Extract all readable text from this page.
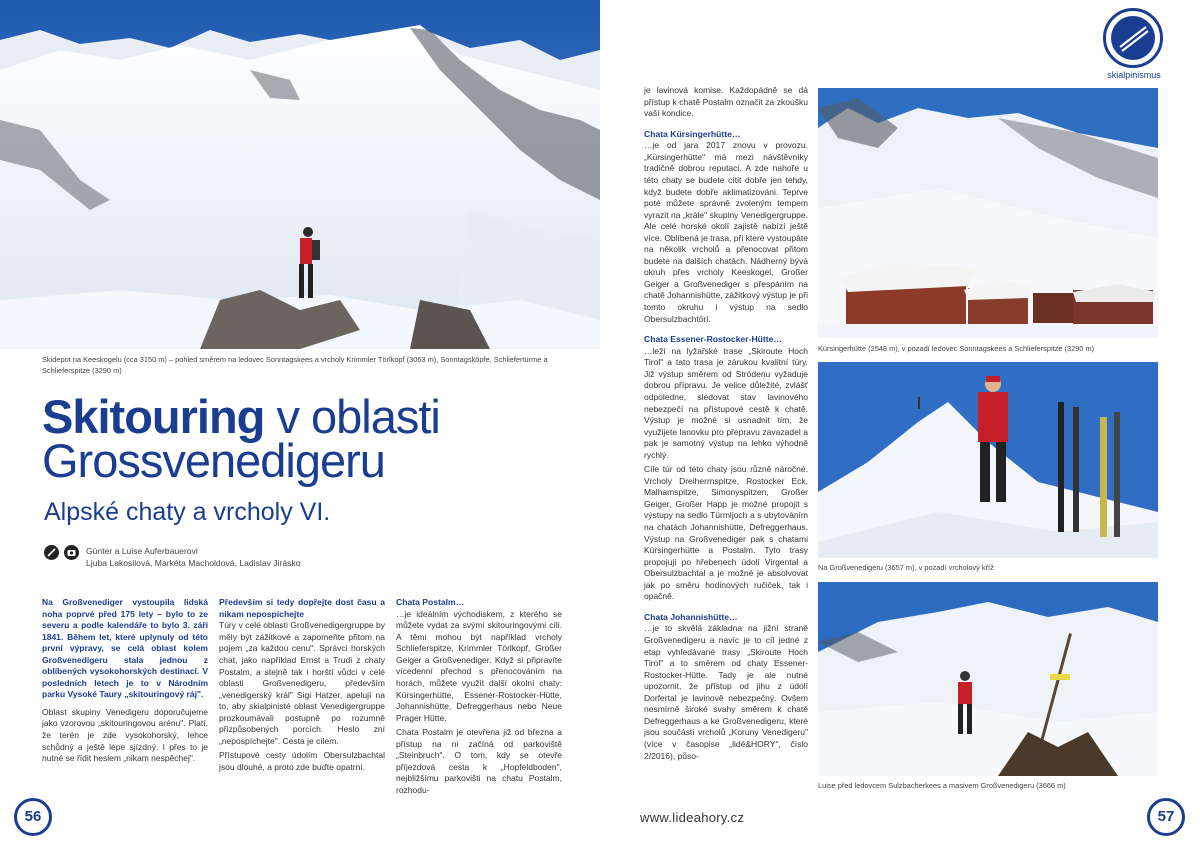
Skidepot na Keeskogelu (cca 3150 m) – pohled směrem na ledovec Sonntagskees a vrcholy Krimmler Törlkopf (3063 m), Sonntagsköpfe, Schliefertürme a Schlieferspitze (3290 m)
Skitouring v oblasti
Grossvenedigeru
Alpské chaty a vrcholy VI.
Günter a Luise Auferbauerovi
Ljuba Lakosilová, Markéta Macholdová, Ladislav Jirásko

Na Großvenediger vystoupila lidská noha poprvé před 175 lety – bylo to ze severu a podle kalendáře to bylo 3. září 1841. Během let, které uplynuly od této první výpravy, se celá oblast kolem Großvenedigeru stala jednou z oblíbených vysokohorských destinací. V posledních letech je to v Národním parku Vysoké Taury „skitouringový ráj".

Oblast skupiny Venedigeru doporučujeme jako vzorovou „skitouringovou arénu". Platí, že terén je zde vysokohorský, lehce schůdný a ještě lépe sjízdný. I přes to je nutné se řídit heslem „nikam nespěchej".

Především si tedy dopřejte dost času a nikam nepospíchejte

Túry v celé oblasti Großvenedigergruppe by měly být zážitkové a zapomeňte přitom na pojem „za každou cenu". Správci horských chat, jako například Ernst a Trudi z chaty Postalm, a stejně tak i horští vůdci v celé oblasti Großvenedigeru, především „venedigerský král" Sigi Hatzer, apelují na to, aby skialpinisté oblast Venedigergruppe prozkoumávali postupně po rozumně přizpůsobených porcích. Heslo zní „nepospíchejte". Cesta je cílem.

Přístupové cesty údolím Obersulzbachtal jsou dlouhé, a proto zde buďte opatrní.

Chata Postalm…

…je ideálním východiskem, z kterého se můžete vydat za svými skitouringovými cíli. A těmi mohou být například vrcholy Schlieferspitze, Krimmler Törlkopf, Großer Geiger a Großvenediger. Když si připravíte vícedenní přechod s přenocováním na horách, můžete využít další okolní chaty: Kürsingerhütte, Essener-Rostocker-Hütte, Johannishütte, Defreggerhaus nebo Neue Prager Hütte.

Chata Postalm je otevřena již od března a přístup na ni začíná od parkoviště „Steinbruch". O tom, kdy se otevře příjezdová cesta k „Hopfeldboden", nejbližšímu parkovišti na chatu Postalm, rozhodu-

56
skialpinismus

je lavinová komise. Každopádně se dá přístup k chatě Postalm označit za zkoušku vaší kondice.

Chata Kürsingerhütte…

…je od jara 2017 znovu v provozu. „Kürsingerhütte" má mezi návštěvníky tradičně dobrou reputaci. A zde nahoře u této chaty se budete cítit dobře jen tehdy, když budete dobře aklimatizováni. Teprve poté můžete správně zvoleným tempem vyrazit na „krále" skupiny Venedigergruppe. Ale celé horské okolí zajistě nabízí ještě více. Oblíbená je trasa, při které vystoupáte na několik vrcholů a přenocovat přitom budete na dalších chatách. Nádherný bývá okruh přes vrcholy Keeskogel, Großer Geiger a Großvenediger s přespáním na chatě Johannishütte, zážitkový výstup je při tomto okruhu i výstup na sedlo Obersulzbachtörl.

Chata Essener-Rostocker-Hütte…

…leží na lyžařské trase „Skiroute Hoch Tirol" a tato trasa je zárukou kvalitní túry. Již výstup směrem od Strödenu vyžaduje dobrou přípravu. Je velice důležité, zvlášť odpoledne, sledovat stav lavinového nebezpečí na přístupové cestě k chatě. Výstup je možné si usnadnit tím, že využijete lanovku pro přepravu zavazadel a pak je samotný výstup na lehko výhodně rychlý.

Cíle túr od této chaty jsou různě náročné. Vrcholy Dreiherrnspitze, Rostocker Eck, Malhamspitze, Simonyspitzen, Großer Geiger, Großer Happ je možné propojit s výstupy na sedlo Türmljoch a s ubytováním na chatách Johannishütte, Defreggerhaus. Výstup na Großvenediger pak s chatami Kürsingerhütte a Postalm. Tyto trasy propojují po hřebenech údolí Virgental a Obersulzbachtal a je možné je absolvovat jak po směru hodinových ručiček, tak i opačně.

Chata Johannishütte…

…je to skvělá základna na jižní straně Großvenedigeru a navíc je to cíl jedné z etap vyhledávané trasy „Skiroute Hoch Tirol" a to směrem od chaty Essener-Rostocker-Hütte. Tady je ale nutné upozornit, že přístup od jihu z údolí Dorfertal je lavinově nebezpečný. Ovšem nesmírně široké svahy směrem k chatě Defreggerhaus a ke Großvenedigeru, které jsou součástí vrcholů „Koruny Venedigeru" (více v časopise „lidé&HORY", číslo 2/2016), půso-

Kürsingerhütte (2548 m), v pozadí ledovec Sonntagskees a Schlieferspitze (3290 m)
Na Großvenedigeru (3657 m), v pozadí vrcholový kříž
Luise před ledovcem Sulzbacherkees a masivem Großvenedigeru (3666 m)
www.lideahory.cz	57
